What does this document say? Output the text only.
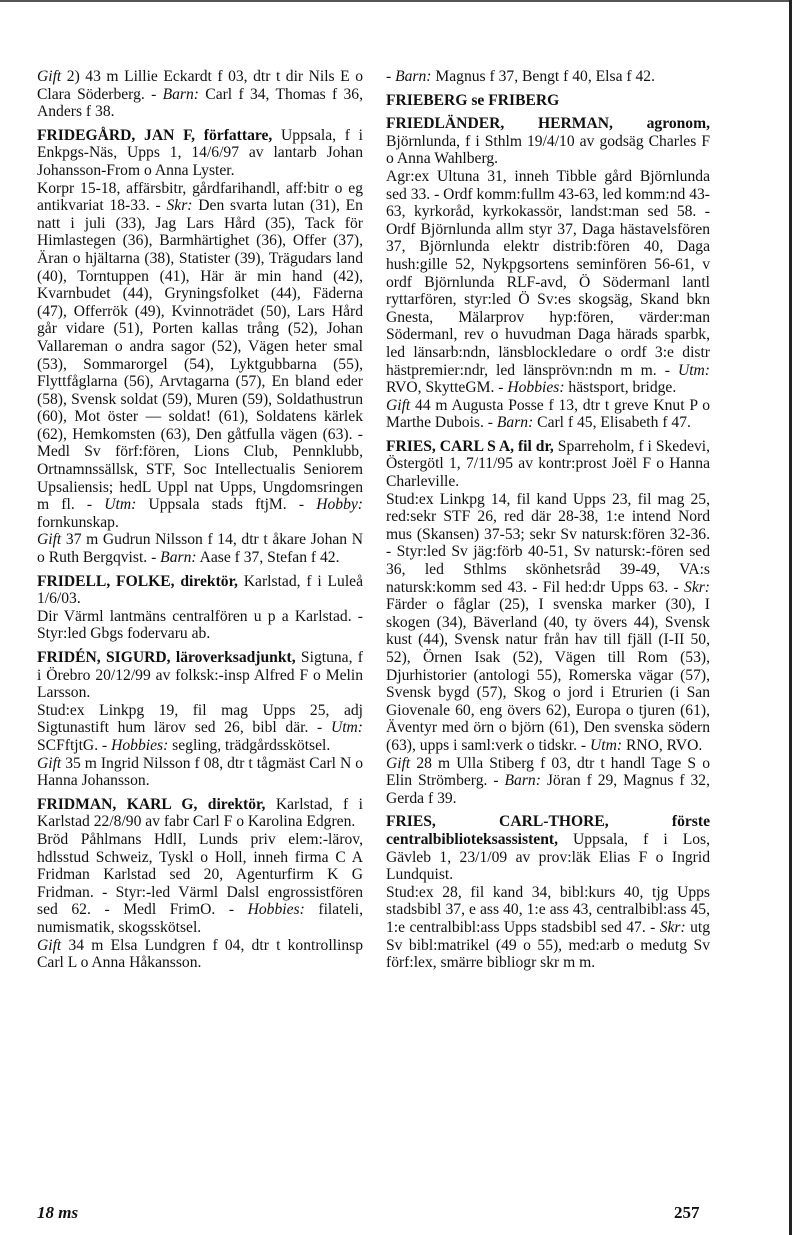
Gift 2) 43 m Lillie Eckardt f 03, dtr t dir Nils E o Clara Söderberg. - Barn: Carl f 34, Thomas f 36, Anders f 38.

FRIDEGÅRD, JAN F, författare, Uppsala, f i Enkpgs-Näs, Upps 1, 14/6/97 av lantarb Johan Johansson-From o Anna Lyster.

Korpr 15-18, affärsbitr, gårdfarihandl, aff:bitr o eg antikvariat 18-33. - Skr: Den svarta lutan (31), En natt i juli (33), Jag Lars Hård (35), Tack för Himlastegen (36), Barmhärtighet (36), Offer (37), Äran o hjältarna (38), Statister (39), Trägudars land (40), Torntuppen (41), Här är min hand (42), Kvarnbudet (44), Gryningsfolket (44), Fäderna (47), Offerrök (49), Kvinnoträdet (50), Lars Hård går vidare (51), Porten kallas trång (52), Johan Vallareman o andra sagor (52), Vägen heter smal (53), Sommarorgel (54), Lyktgubbarna (55), Flyttfåglarna (56), Arvtagarna (57), En bland eder (58), Svensk soldat (59), Muren (59), Soldathustrun (60), Mot öster — soldat! (61), Soldatens kärlek (62), Hemkomsten (63), Den gåtfulla vägen (63). - Medl Sv förf:fören, Lions Club, Pennklubb, Ortnamnssällsk, STF, Soc Intellectualis Seniorem Upsaliensis; hedL Uppl nat Upps, Ungdomsringen m fl. - Utm: Uppsala stads ftjM. - Hobby: fornkunskap.

Gift 37 m Gudrun Nilsson f 14, dtr t åkare Johan N o Ruth Bergqvist. - Barn: Aase f 37, Stefan f 42.

FRIDELL, FOLKE, direktör, Karlstad, f i Luleå 1/6/03.

Dir Värml lantmäns centralfören u p a Karlstad. - Styr:led Gbgs fodervaru ab.

FRIDÉN, SIGURD, läroverksadjunkt, Sigtuna, f i Örebro 20/12/99 av folksk:-insp Alfred F o Melin Larsson.

Stud:ex Linkpg 19, fil mag Upps 25, adj Sigtunastift hum lärov sed 26, bibl där. - Utm: SCFftjtG. - Hobbies: segling, trädgårdsskötsel.

Gift 35 m Ingrid Nilsson f 08, dtr t tågmäst Carl N o Hanna Johansson.

FRIDMAN, KARL G, direktör, Karlstad, f i Karlstad 22/8/90 av fabr Carl F o Karolina Edgren.

Bröd Påhlmans HdlI, Lunds priv elem:-lärov, hdlsstud Schweiz, Tyskl o Holl, inneh firma C A Fridman Karlstad sed 20, Agenturfirm K G Fridman. - Styr:-led Värml Dalsl engrossistfören sed 62. - Medl FrimO. - Hobbies: filateli, numismatik, skogsskötsel.

Gift 34 m Elsa Lundgren f 04, dtr t kontrollinsp Carl L o Anna Håkansson.

- Barn: Magnus f 37, Bengt f 40, Elsa f 42.

FRIEBERG se FRIBERG

FRIEDLÄNDER, HERMAN, agronom, Björnlunda, f i Sthlm 19/4/10 av godsäg Charles F o Anna Wahlberg.

Agr:ex Ultuna 31, inneh Tibble gård Björnlunda sed 33. - Ordf komm:fullm 43-63, led komm:nd 43-63, kyrkoråd, kyrkokassör, landst:man sed 58. - Ordf Björnlunda allm styr 37, Daga hästavelsfören 37, Björnlunda elektr distrib:fören 40, Daga hush:gille 52, Nykpgsortens seminfören 56-61, v ordf Björnlunda RLF-avd, Ö Södermanl lantl ryttarfören, styr:led Ö Sv:es skogsäg, Skand bkn Gnesta, Mälarprov hyp:fören, värder:man Södermanl, rev o huvudman Daga härads sparbk, led länsarb:ndn, länsblockledare o ordf 3:e distr hästpremier:ndr, led länsprövn:ndn m m. - Utm: RVO, SkytteGM. - Hobbies: hästsport, bridge.

Gift 44 m Augusta Posse f 13, dtr t greve Knut P o Marthe Dubois. - Barn: Carl f 45, Elisabeth f 47.

FRIES, CARL S A, fil dr, Sparreholm, f i Skedevi, Östergötl 1, 7/11/95 av kontr:prost Joël F o Hanna Charleville.

Stud:ex Linkpg 14, fil kand Upps 23, fil mag 25, red:sekr STF 26, red där 28-38, 1:e intend Nord mus (Skansen) 37-53; sekr Sv natursk:fören 32-36. - Styr:led Sv jäg:förb 40-51, Sv natursk:-fören sed 36, led Sthlms skönhetsråd 39-49, VA:s natursk:komm sed 43. - Fil hed:dr Upps 63. - Skr: Färder o fåglar (25), I svenska marker (30), I skogen (34), Bäverland (40, ty övers 44), Svensk kust (44), Svensk natur från hav till fjäll (I-II 50, 52), Örnen Isak (52), Vägen till Rom (53), Djurhistorier (antologi 55), Romerska vägar (57), Svensk bygd (57), Skog o jord i Etrurien (i San Giovenale 60, eng övers 62), Europa o tjuren (61), Äventyr med örn o björn (61), Den svenska södern (63), upps i saml:verk o tidskr. - Utm: RNO, RVO.

Gift 28 m Ulla Stiberg f 03, dtr t handl Tage S o Elin Strömberg. - Barn: Jöran f 29, Magnus f 32, Gerda f 39.

FRIES, CARL-THORE, förste centralbiblioteksassistent, Uppsala, f i Los, Gävleb 1, 23/1/09 av prov:läk Elias F o Ingrid Lundquist.

Stud:ex 28, fil kand 34, bibl:kurs 40, tjg Upps stadsbibl 37, e ass 40, 1:e ass 43, centralbibl:ass 45, 1:e centralbibl:ass Upps stadsbibl sed 47. - Skr: utg Sv bibl:matrikel (49 o 55), med:arb o medutg Sv förf:lex, smärre bibliogr skr m m.

18 ms	257
